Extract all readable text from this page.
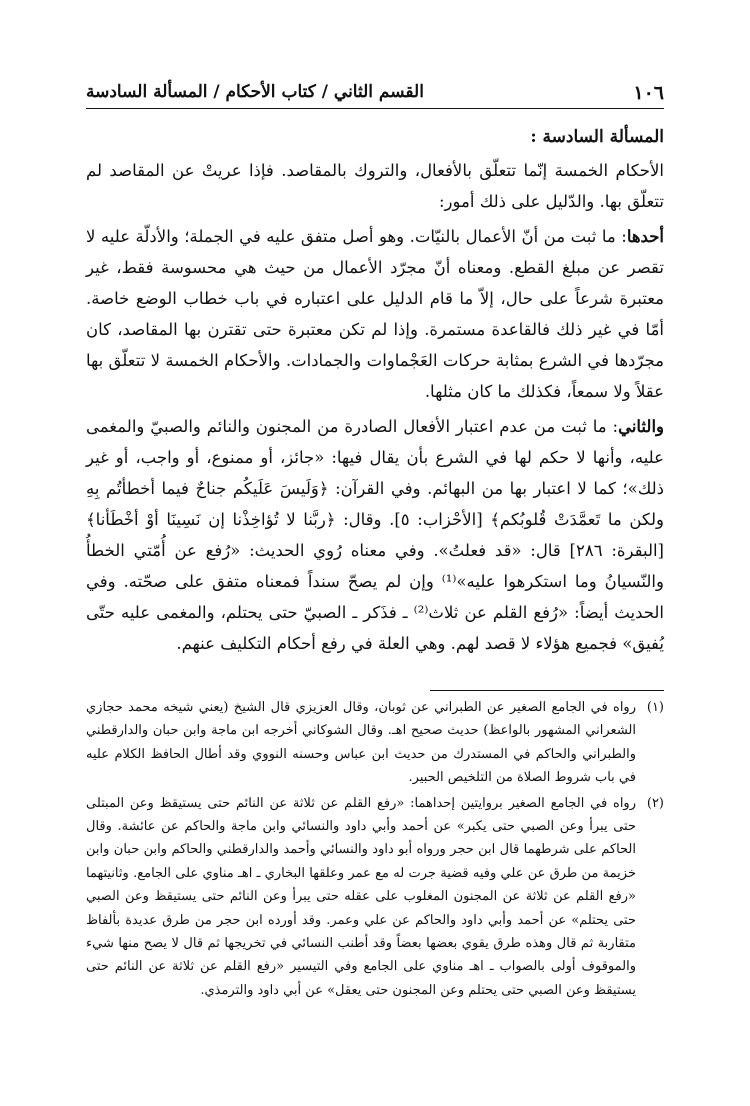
١٠٦
القسم الثاني / كتاب الأحكام / المسألة السادسة

المسألة السادسة :

الأحكام الخمسة إنّما تتعلّق بالأفعال، والتروك بالمقاصد. فإذا عريتْ عن المقاصد لم تتعلّق بها. والدّليل على ذلك أمور:

أحدها: ما ثبت من أنّ الأعمال بالنيّات. وهو أصل متفق عليه في الجملة؛ والأدلّة عليه لا تقصر عن مبلغ القطع. ومعناه أنّ مجرّد الأعمال من حيث هي محسوسة فقط، غير معتبرة شرعاً على حال، إلاّ ما قام الدليل على اعتباره في باب خطاب الوضع خاصة. أمّا في غير ذلك فالقاعدة مستمرة. وإذا لم تكن معتبرة حتى تقترن بها المقاصد، كان مجرّدها في الشرع بمثابة حركات العَجْماوات والجمادات. والأحكام الخمسة لا تتعلّق بها عقلاً ولا سمعاً، فكذلك ما كان مثلها.

والثاني: ما ثبت من عدم اعتبار الأفعال الصادرة من المجنون والنائم والصبيّ والمغمى عليه، وأنها لا حكم لها في الشرع بأن يقال فيها: «جائز، أو ممنوع، أو واجب، أو غير ذلك»؛ كما لا اعتبار بها من البهائم. وفي القرآن: ﴿وَلَيسَ عَلَيكُم جناحٌ فيما أخطأتُم بِهِ ولكن ما تَعمَّدَتْ قُلوبُكم﴾ [الأحْزاب: ٥]. وقال: ﴿ربَّنا لا تُؤاخِذْنا إن نَسِينَا أوْ أخْطَأنا﴾ [البقرة: ٢٨٦] قال: «قد فعلتُ». وفي معناه رُوي الحديث: «رُفع عن أُمّتي الخطأُ والنّسيانُ وما استكرهوا عليه»⁽¹⁾ وإن لم يصحّ سنداً فمعناه متفق على صحّته. وفي الحديث أيضاً: «رُفع القلم عن ثلاث⁽²⁾ ـ فذَكر ـ الصبيّ حتى يحتلم، والمغمى عليه حتّى يُفيق» فجميع هؤلاء لا قصد لهم. وهي العلة في رفع أحكام التكليف عنهم.

(١)
رواه في الجامع الصغير عن الطبراني عن ثوبان، وقال العزيزي قال الشيخ (يعني شيخه محمد حجازي الشعراني المشهور بالواعظ) حديث صحيح اهـ. وقال الشوكاني أخرجه ابن ماجة وابن حبان والدارقطني والطبراني والحاكم في المستدرك من حديث ابن عباس وحسنه النووي وقد أطال الحافظ الكلام عليه في باب شروط الصلاة من التلخيص الحبير.
(٢)
رواه في الجامع الصغير بروايتين إحداهما: «رفع القلم عن ثلاثة عن النائم حتى يستيقظ وعن المبتلى حتى يبرأ وعن الصبي حتى يكبر» عن أحمد وأبي داود والنسائي وابن ماجة والحاكم عن عائشة. وقال الحاكم على شرطهما قال ابن حجر ورواه أبو داود والنسائي وأحمد والدارقطني والحاكم وابن حبان وابن خزيمة من طرق عن علي وفيه قضية جرت له مع عمر وعلقها البخاري ـ اهـ مناوي على الجامع. وثانيتهما «رفع القلم عن ثلاثة عن المجنون المغلوب على عقله حتى يبرأ وعن النائم حتى يستيقظ وعن الصبي حتى يحتلم» عن أحمد وأبي داود والحاكم عن علي وعمر. وقد أورده ابن حجر من طرق عديدة بألفاظ متقاربة ثم قال وهذه طرق يقوي بعضها بعضاً وقد أطنب النسائي في تخريجها ثم قال لا يصح منها شيء والموقوف أولى بالصواب ـ اهـ مناوي على الجامع وفي التيسير «رفع القلم عن ثلاثة عن النائم حتى يستيقظ وعن الصبي حتى يحتلم وعن المجنون حتى يعقل» عن أبي داود والترمذي.
